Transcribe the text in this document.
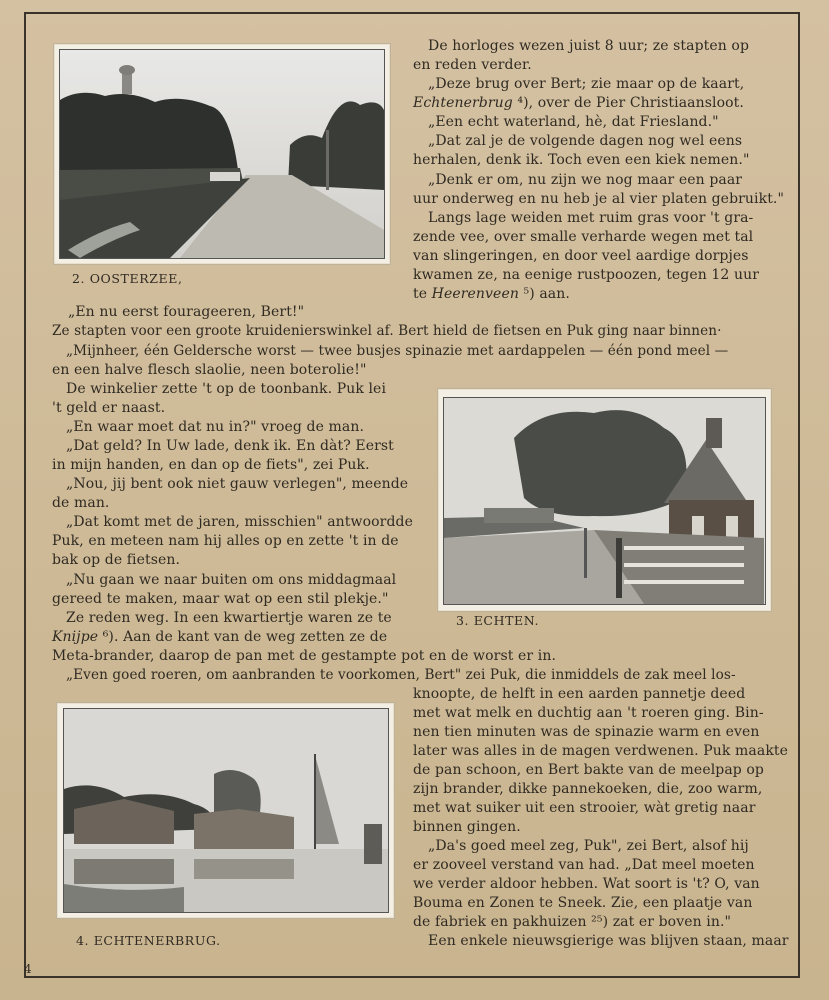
2. OOSTERZEE,
3. ECHTEN.
4. ECHTENERBRUG.

De horloges wezen juist 8 uur; ze stapten op

en reden verder.

„Deze brug over Bert; zie maar op de kaart,

Echtenerbrug ⁴), over de Pier Christiaansloot.

„Een echt waterland, hè, dat Friesland."

„Dat zal je de volgende dagen nog wel eens

herhalen, denk ik. Toch even een kiek nemen."

„Denk er om, nu zijn we nog maar een paar

uur onderweg en nu heb je al vier platen gebruikt."

Langs lage weiden met ruim gras voor 't gra-

zende vee, over smalle verharde wegen met tal

van slingeringen, en door veel aardige dorpjes

kwamen ze, na eenige rustpoozen, tegen 12 uur

te Heerenveen ⁵) aan.

„En nu eerst fourageeren, Bert!"

Ze stapten voor een groote kruidenierswinkel af. Bert hield de fietsen en Puk ging naar binnen·

„Mijnheer, één Geldersche worst — twee busjes spinazie met aardappelen — één pond meel —

en een halve flesch slaolie, neen boterolie!"

De winkelier zette 't op de toonbank. Puk lei

't geld er naast.

„En waar moet dat nu in?" vroeg de man.

„Dat geld? In Uw lade, denk ik. En dàt? Eerst

in mijn handen, en dan op de fiets", zei Puk.

„Nou, jij bent ook niet gauw verlegen", meende

de man.

„Dat komt met de jaren, misschien" antwoordde

Puk, en meteen nam hij alles op en zette 't in de

bak op de fietsen.

„Nu gaan we naar buiten om ons middagmaal

gereed te maken, maar wat op een stil plekje."

Ze reden weg. In een kwartiertje waren ze te

Knijpe ⁶). Aan de kant van de weg zetten ze de

Meta-brander, daarop de pan met de gestampte pot en de worst er in.

„Even goed roeren, om aanbranden te voorkomen, Bert" zei Puk, die inmiddels de zak meel los-

knoopte, de helft in een aarden pannetje deed

met wat melk en duchtig aan 't roeren ging. Bin-

nen tien minuten was de spinazie warm en even

later was alles in de magen verdwenen. Puk maakte

de pan schoon, en Bert bakte van de meelpap op

zijn brander, dikke pannekoeken, die, zoo warm,

met wat suiker uit een strooier, wàt gretig naar

binnen gingen.

„Da's goed meel zeg, Puk", zei Bert, alsof hij

er zooveel verstand van had. „Dat meel moeten

we verder aldoor hebben. Wat soort is 't? O, van

Bouma en Zonen te Sneek. Zie, een plaatje van

de fabriek en pakhuizen ²⁵) zat er boven in."

Een enkele nieuwsgierige was blijven staan, maar

4
